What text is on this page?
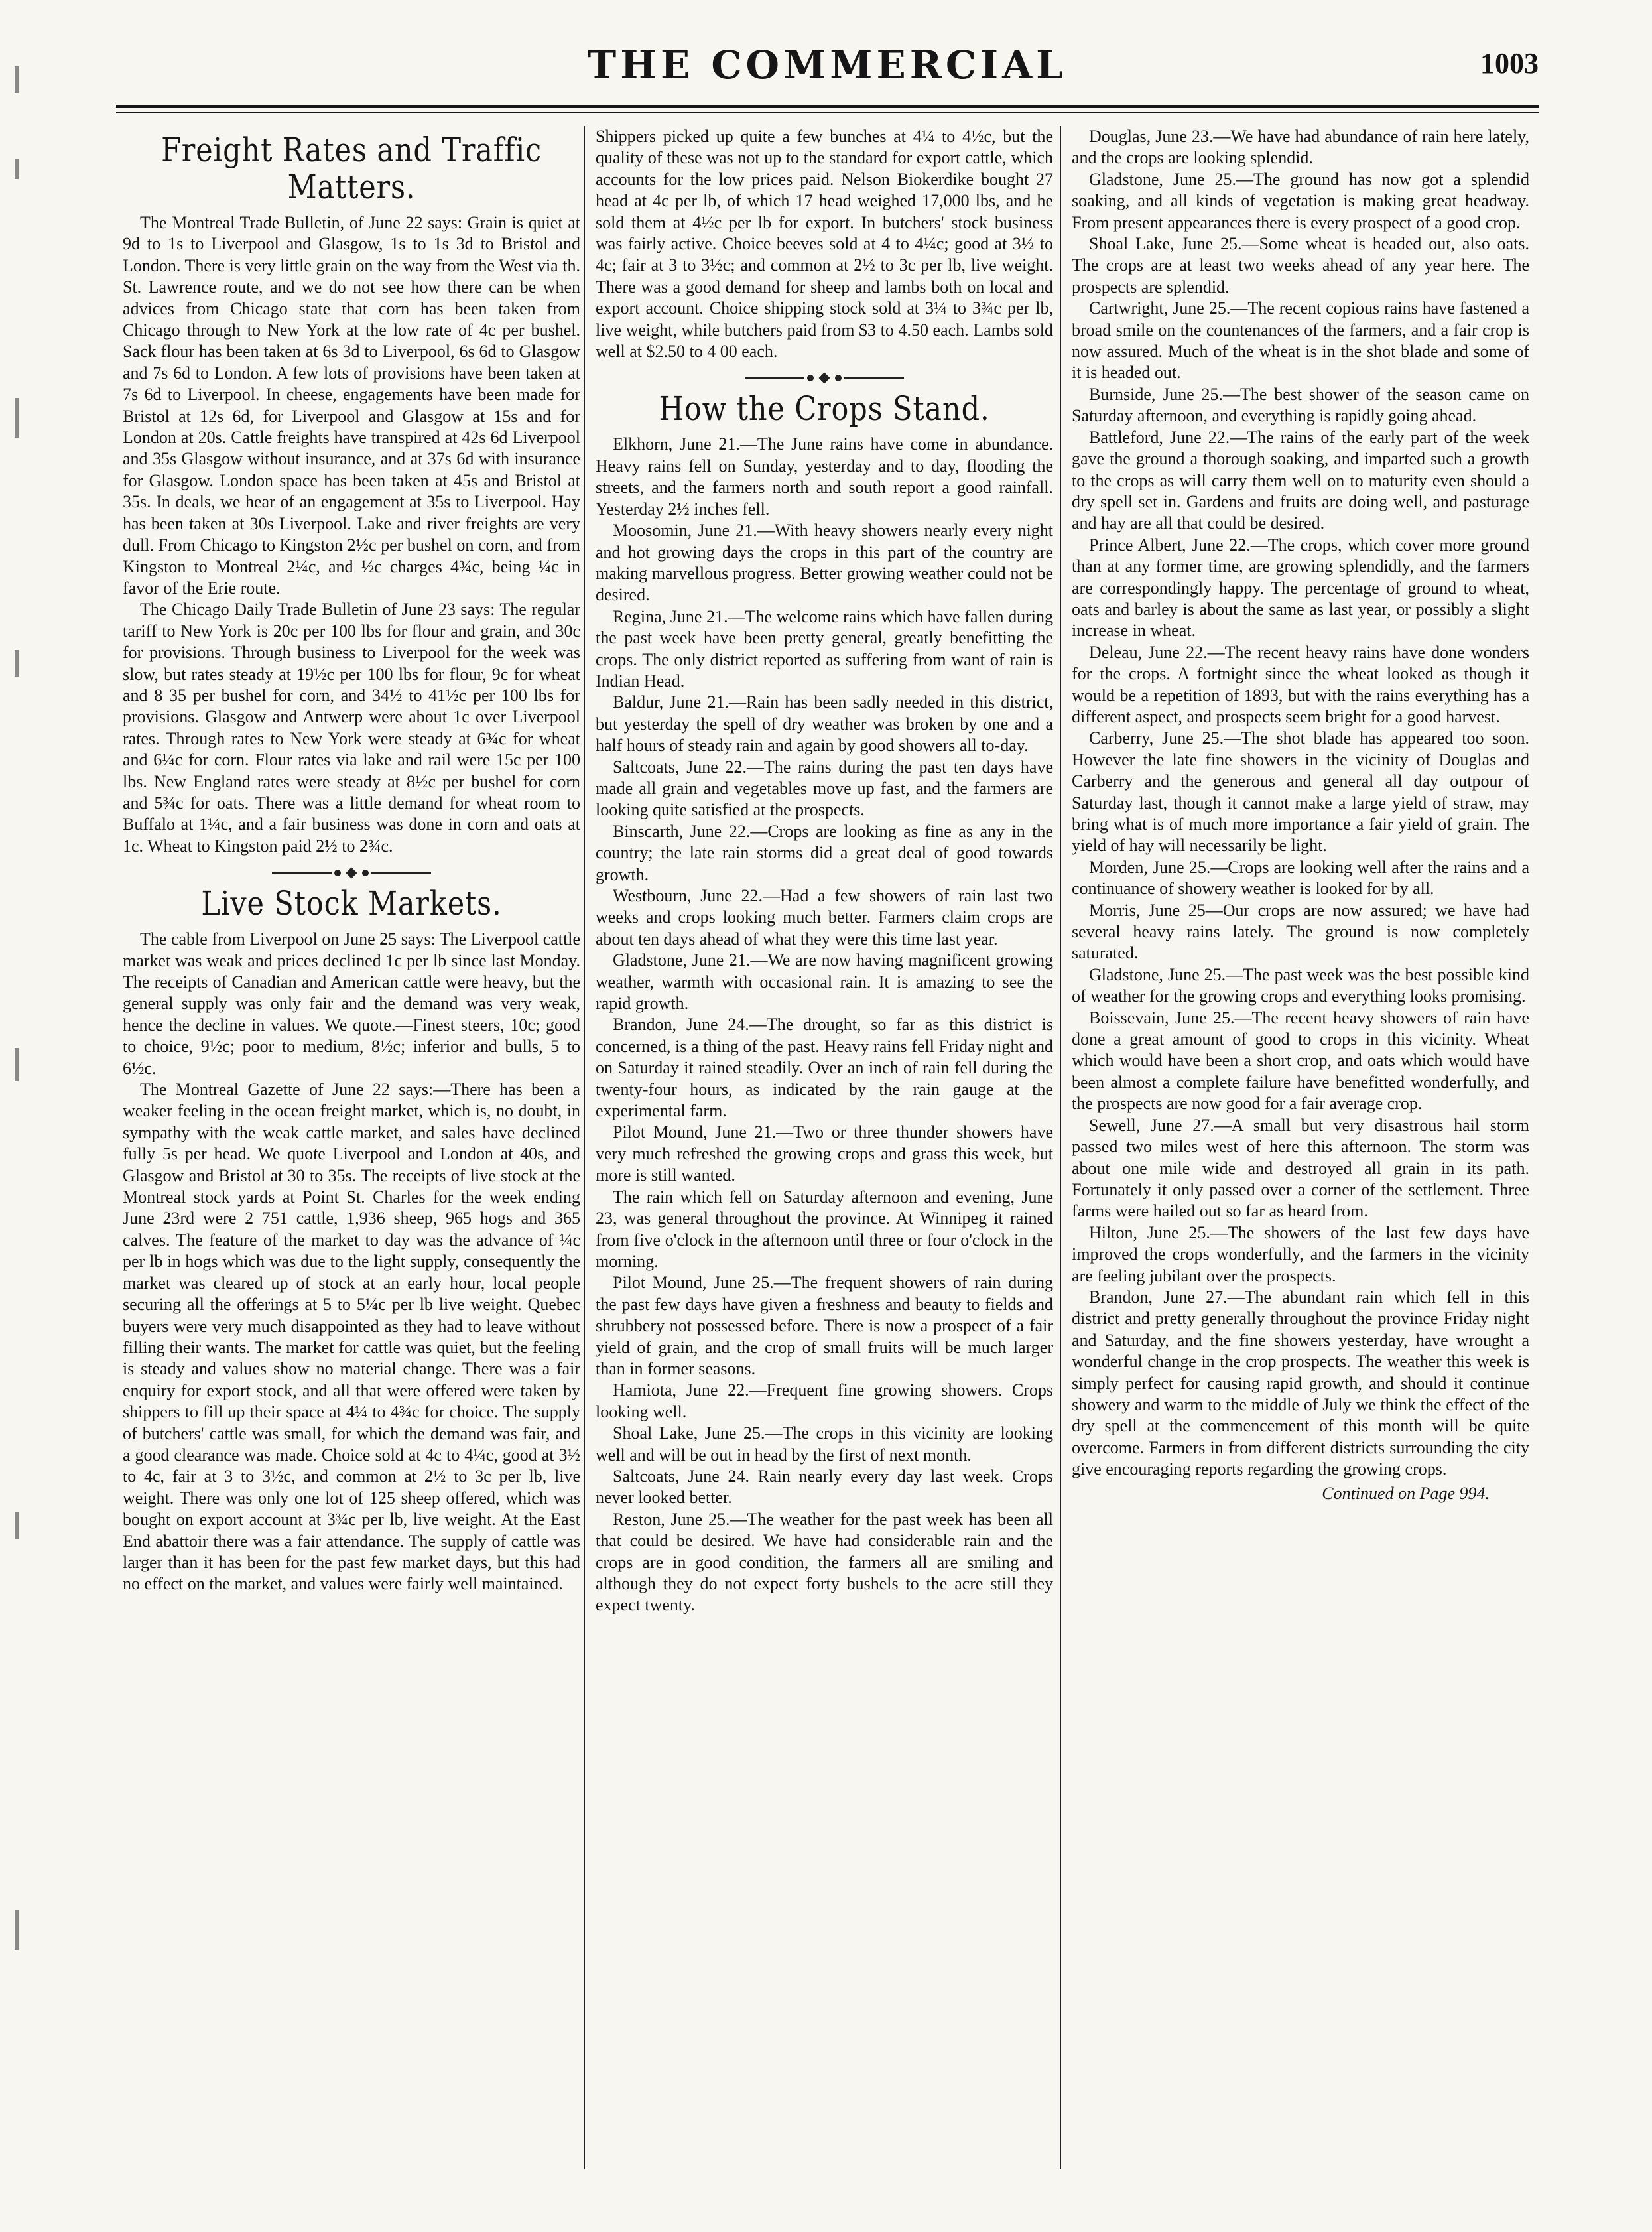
THE COMMERCIAL	1003
Freight Rates and Traffic Matters.

The Montreal Trade Bulletin, of June 22 says: Grain is quiet at 9d to 1s to Liverpool and Glasgow, 1s to 1s 3d to Bristol and London. There is very little grain on the way from the West via th. St. Lawrence route, and we do not see how there can be when advices from Chicago state that corn has been taken from Chicago through to New York at the low rate of 4c per bushel. Sack flour has been taken at 6s 3d to Liverpool, 6s 6d to Glasgow and 7s 6d to London. A few lots of provisions have been taken at 7s 6d to Liverpool. In cheese, engagements have been made for Bristol at 12s 6d, for Liverpool and Glasgow at 15s and for London at 20s. Cattle freights have transpired at 42s 6d Liverpool and 35s Glasgow without insurance, and at 37s 6d with insurance for Glasgow. London space has been taken at 45s and Bristol at 35s. In deals, we hear of an engagement at 35s to Liverpool. Hay has been taken at 30s Liverpool. Lake and river freights are very dull. From Chicago to Kingston 2½c per bushel on corn, and from Kingston to Montreal 2¼c, and ½c charges 4¾c, being ¼c in favor of the Erie route.

The Chicago Daily Trade Bulletin of June 23 says: The regular tariff to New York is 20c per 100 lbs for flour and grain, and 30c for provisions. Through business to Liverpool for the week was slow, but rates steady at 19½c per 100 lbs for flour, 9c for wheat and 8 35 per bushel for corn, and 34½ to 41½c per 100 lbs for provisions. Glasgow and Antwerp were about 1c over Liverpool rates. Through rates to New York were steady at 6¾c for wheat and 6¼c for corn. Flour rates via lake and rail were 15c per 100 lbs. New England rates were steady at 8½c per bushel for corn and 5¾c for oats. There was a little demand for wheat room to Buffalo at 1¼c, and a fair business was done in corn and oats at 1c. Wheat to Kingston paid 2½ to 2¾c.

Live Stock Markets.

The cable from Liverpool on June 25 says: The Liverpool cattle market was weak and prices declined 1c per lb since last Monday. The receipts of Canadian and American cattle were heavy, but the general supply was only fair and the demand was very weak, hence the decline in values. We quote.—Finest steers, 10c; good to choice, 9½c; poor to medium, 8½c; inferior and bulls, 5 to 6½c.

The Montreal Gazette of June 22 says:—There has been a weaker feeling in the ocean freight market, which is, no doubt, in sympathy with the weak cattle market, and sales have declined fully 5s per head. We quote Liverpool and London at 40s, and Glasgow and Bristol at 30 to 35s. The receipts of live stock at the Montreal stock yards at Point St. Charles for the week ending June 23rd were 2 751 cattle, 1,936 sheep, 965 hogs and 365 calves. The feature of the market to day was the advance of ¼c per lb in hogs which was due to the light supply, consequently the market was cleared up of stock at an early hour, local people securing all the offerings at 5 to 5¼c per lb live weight. Quebec buyers were very much disappointed as they had to leave without filling their wants. The market for cattle was quiet, but the feeling is steady and values show no material change. There was a fair enquiry for export stock, and all that were offered were taken by shippers to fill up their space at 4¼ to 4¾c for choice. The supply of butchers' cattle was small, for which the demand was fair, and a good clearance was made. Choice sold at 4c to 4¼c, good at 3½ to 4c, fair at 3 to 3½c, and common at 2½ to 3c per lb, live weight. There was only one lot of 125 sheep offered, which was bought on export account at 3¾c per lb, live weight. At the East End abattoir there was a fair attendance. The supply of cattle was larger than it has been for the past few market days, but this had no effect on the market, and values were fairly well maintained.

Shippers picked up quite a few bunches at 4¼ to 4½c, but the quality of these was not up to the standard for export cattle, which accounts for the low prices paid. Nelson Biokerdike bought 27 head at 4c per lb, of which 17 head weighed 17,000 lbs, and he sold them at 4½c per lb for export. In butchers' stock business was fairly active. Choice beeves sold at 4 to 4¼c; good at 3½ to 4c; fair at 3 to 3½c; and common at 2½ to 3c per lb, live weight. There was a good demand for sheep and lambs both on local and export account. Choice shipping stock sold at 3¼ to 3¾c per lb, live weight, while butchers paid from $3 to 4.50 each. Lambs sold well at $2.50 to 4 00 each.

How the Crops Stand.

Elkhorn, June 21.—The June rains have come in abundance. Heavy rains fell on Sunday, yesterday and to day, flooding the streets, and the farmers north and south report a good rainfall. Yesterday 2½ inches fell.

Moosomin, June 21.—With heavy showers nearly every night and hot growing days the crops in this part of the country are making marvellous progress. Better growing weather could not be desired.

Regina, June 21.—The welcome rains which have fallen during the past week have been pretty general, greatly benefitting the crops. The only district reported as suffering from want of rain is Indian Head.

Baldur, June 21.—Rain has been sadly needed in this district, but yesterday the spell of dry weather was broken by one and a half hours of steady rain and again by good showers all to-day.

Saltcoats, June 22.—The rains during the past ten days have made all grain and vegetables move up fast, and the farmers are looking quite satisfied at the prospects.

Binscarth, June 22.—Crops are looking as fine as any in the country; the late rain storms did a great deal of good towards growth.

Westbourn, June 22.—Had a few showers of rain last two weeks and crops looking much better. Farmers claim crops are about ten days ahead of what they were this time last year.

Gladstone, June 21.—We are now having magnificent growing weather, warmth with occasional rain. It is amazing to see the rapid growth.

Brandon, June 24.—The drought, so far as this district is concerned, is a thing of the past. Heavy rains fell Friday night and on Saturday it rained steadily. Over an inch of rain fell during the twenty-four hours, as indicated by the rain gauge at the experimental farm.

Pilot Mound, June 21.—Two or three thunder showers have very much refreshed the growing crops and grass this week, but more is still wanted.

The rain which fell on Saturday afternoon and evening, June 23, was general throughout the province. At Winnipeg it rained from five o'clock in the afternoon until three or four o'clock in the morning.

Pilot Mound, June 25.—The frequent showers of rain during the past few days have given a freshness and beauty to fields and shrubbery not possessed before. There is now a prospect of a fair yield of grain, and the crop of small fruits will be much larger than in former seasons.

Hamiota, June 22.—Frequent fine growing showers. Crops looking well.

Shoal Lake, June 25.—The crops in this vicinity are looking well and will be out in head by the first of next month.

Saltcoats, June 24. Rain nearly every day last week. Crops never looked better.

Reston, June 25.—The weather for the past week has been all that could be desired. We have had considerable rain and the crops are in good condition, the farmers all are smiling and although they do not expect forty bushels to the acre still they expect twenty.

Douglas, June 23.—We have had abundance of rain here lately, and the crops are looking splendid.

Gladstone, June 25.—The ground has now got a splendid soaking, and all kinds of vegetation is making great headway. From present appearances there is every prospect of a good crop.

Shoal Lake, June 25.—Some wheat is headed out, also oats. The crops are at least two weeks ahead of any year here. The prospects are splendid.

Cartwright, June 25.—The recent copious rains have fastened a broad smile on the countenances of the farmers, and a fair crop is now assured. Much of the wheat is in the shot blade and some of it is headed out.

Burnside, June 25.—The best shower of the season came on Saturday afternoon, and everything is rapidly going ahead.

Battleford, June 22.—The rains of the early part of the week gave the ground a thorough soaking, and imparted such a growth to the crops as will carry them well on to maturity even should a dry spell set in. Gardens and fruits are doing well, and pasturage and hay are all that could be desired.

Prince Albert, June 22.—The crops, which cover more ground than at any former time, are growing splendidly, and the farmers are correspondingly happy. The percentage of ground to wheat, oats and barley is about the same as last year, or possibly a slight increase in wheat.

Deleau, June 22.—The recent heavy rains have done wonders for the crops. A fortnight since the wheat looked as though it would be a repetition of 1893, but with the rains everything has a different aspect, and prospects seem bright for a good harvest.

Carberry, June 25.—The shot blade has appeared too soon. However the late fine showers in the vicinity of Douglas and Carberry and the generous and general all day outpour of Saturday last, though it cannot make a large yield of straw, may bring what is of much more importance a fair yield of grain. The yield of hay will necessarily be light.

Morden, June 25.—Crops are looking well after the rains and a continuance of showery weather is looked for by all.

Morris, June 25—Our crops are now assured; we have had several heavy rains lately. The ground is now completely saturated.

Gladstone, June 25.—The past week was the best possible kind of weather for the growing crops and everything looks promising.

Boissevain, June 25.—The recent heavy showers of rain have done a great amount of good to crops in this vicinity. Wheat which would have been a short crop, and oats which would have been almost a complete failure have benefitted wonderfully, and the prospects are now good for a fair average crop.

Sewell, June 27.—A small but very disastrous hail storm passed two miles west of here this afternoon. The storm was about one mile wide and destroyed all grain in its path. Fortunately it only passed over a corner of the settlement. Three farms were hailed out so far as heard from.

Hilton, June 25.—The showers of the last few days have improved the crops wonderfully, and the farmers in the vicinity are feeling jubilant over the prospects.

Brandon, June 27.—The abundant rain which fell in this district and pretty generally throughout the province Friday night and Saturday, and the fine showers yesterday, have wrought a wonderful change in the crop prospects. The weather this week is simply perfect for causing rapid growth, and should it continue showery and warm to the middle of July we think the effect of the dry spell at the commencement of this month will be quite overcome. Farmers in from different districts surrounding the city give encouraging reports regarding the growing crops.

Continued on Page 994.
